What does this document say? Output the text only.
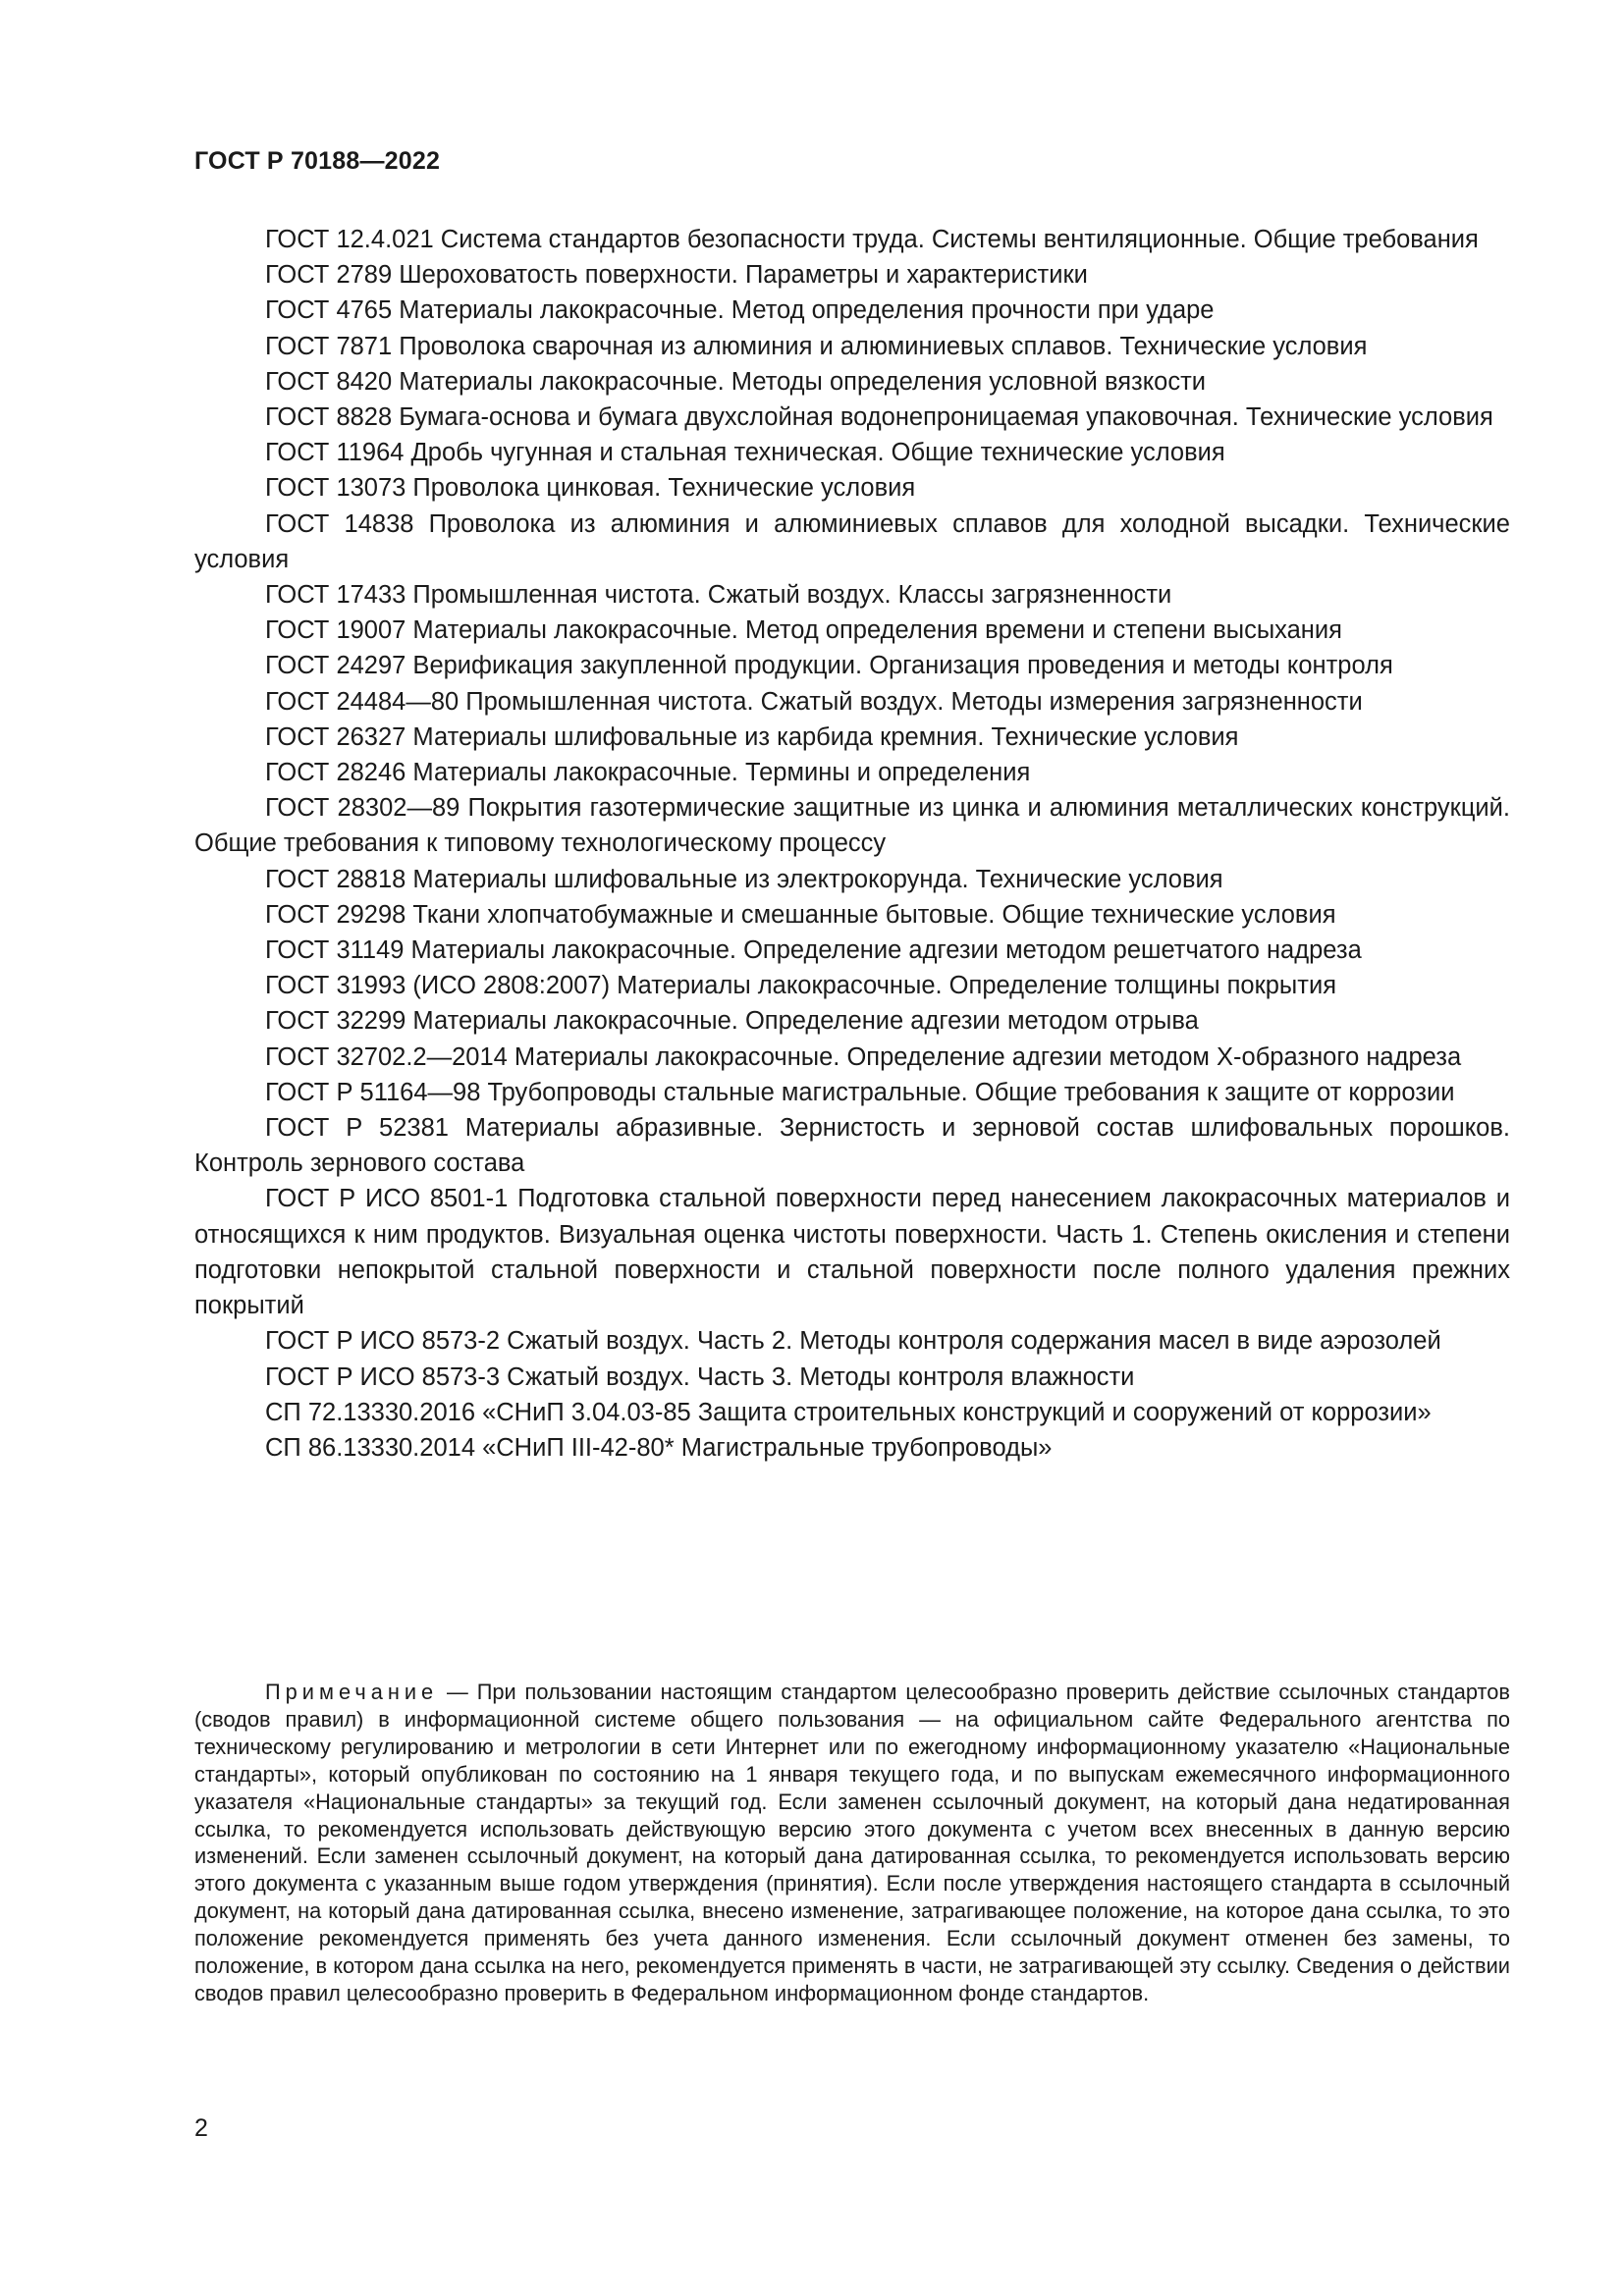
ГОСТ Р 70188—2022

ГОСТ 12.4.021 Система стандартов безопасности труда. Системы вентиляционные. Общие требования

ГОСТ 2789 Шероховатость поверхности. Параметры и характеристики

ГОСТ 4765 Материалы лакокрасочные. Метод определения прочности при ударе

ГОСТ 7871 Проволока сварочная из алюминия и алюминиевых сплавов. Технические условия

ГОСТ 8420 Материалы лакокрасочные. Методы определения условной вязкости

ГОСТ 8828 Бумага-основа и бумага двухслойная водонепроницаемая упаковочная. Технические условия

ГОСТ 11964 Дробь чугунная и стальная техническая. Общие технические условия

ГОСТ 13073 Проволока цинковая. Технические условия

ГОСТ 14838 Проволока из алюминия и алюминиевых сплавов для холодной высадки. Технические условия

ГОСТ 17433 Промышленная чистота. Сжатый воздух. Классы загрязненности

ГОСТ 19007 Материалы лакокрасочные. Метод определения времени и степени высыхания

ГОСТ 24297 Верификация закупленной продукции. Организация проведения и методы контроля

ГОСТ 24484—80 Промышленная чистота. Сжатый воздух. Методы измерения загрязненности

ГОСТ 26327 Материалы шлифовальные из карбида кремния. Технические условия

ГОСТ 28246 Материалы лакокрасочные. Термины и определения

ГОСТ 28302—89 Покрытия газотермические защитные из цинка и алюминия металлических конструкций. Общие требования к типовому технологическому процессу

ГОСТ 28818 Материалы шлифовальные из электрокорунда. Технические условия

ГОСТ 29298 Ткани хлопчатобумажные и смешанные бытовые. Общие технические условия

ГОСТ 31149 Материалы лакокрасочные. Определение адгезии методом решетчатого надреза

ГОСТ 31993 (ИСО 2808:2007) Материалы лакокрасочные. Определение толщины покрытия

ГОСТ 32299 Материалы лакокрасочные. Определение адгезии методом отрыва

ГОСТ 32702.2—2014 Материалы лакокрасочные. Определение адгезии методом X-образного надреза

ГОСТ Р 51164—98 Трубопроводы стальные магистральные. Общие требования к защите от коррозии

ГОСТ Р 52381 Материалы абразивные. Зернистость и зерновой состав шлифовальных порошков. Контроль зернового состава

ГОСТ Р ИСО 8501-1 Подготовка стальной поверхности перед нанесением лакокрасочных материалов и относящихся к ним продуктов. Визуальная оценка чистоты поверхности. Часть 1. Степень окисления и степени подготовки непокрытой стальной поверхности и стальной поверхности после полного удаления прежних покрытий

ГОСТ Р ИСО 8573-2 Сжатый воздух. Часть 2. Методы контроля содержания масел в виде аэрозолей

ГОСТ Р ИСО 8573-3 Сжатый воздух. Часть 3. Методы контроля влажности

СП 72.13330.2016 «СНиП 3.04.03-85 Защита строительных конструкций и сооружений от коррозии»

СП 86.13330.2014 «СНиП III-42-80* Магистральные трубопроводы»

Примечание — При пользовании настоящим стандартом целесообразно проверить действие ссылочных стандартов (сводов правил) в информационной системе общего пользования — на официальном сайте Федерального агентства по техническому регулированию и метрологии в сети Интернет или по ежегодному информационному указателю «Национальные стандарты», который опубликован по состоянию на 1 января текущего года, и по выпускам ежемесячного информационного указателя «Национальные стандарты» за текущий год. Если заменен ссылочный документ, на который дана недатированная ссылка, то рекомендуется использовать действующую версию этого документа с учетом всех внесенных в данную версию изменений. Если заменен ссылочный документ, на который дана датированная ссылка, то рекомендуется использовать версию этого документа с указанным выше годом утверждения (принятия). Если после утверждения настоящего стандарта в ссылочный документ, на который дана датированная ссылка, внесено изменение, затрагивающее положение, на которое дана ссылка, то это положение рекомендуется применять без учета данного изменения. Если ссылочный документ отменен без замены, то положение, в котором дана ссылка на него, рекомендуется применять в части, не затрагивающей эту ссылку. Сведения о действии сводов правил целесообразно проверить в Федеральном информационном фонде стандартов.

2
